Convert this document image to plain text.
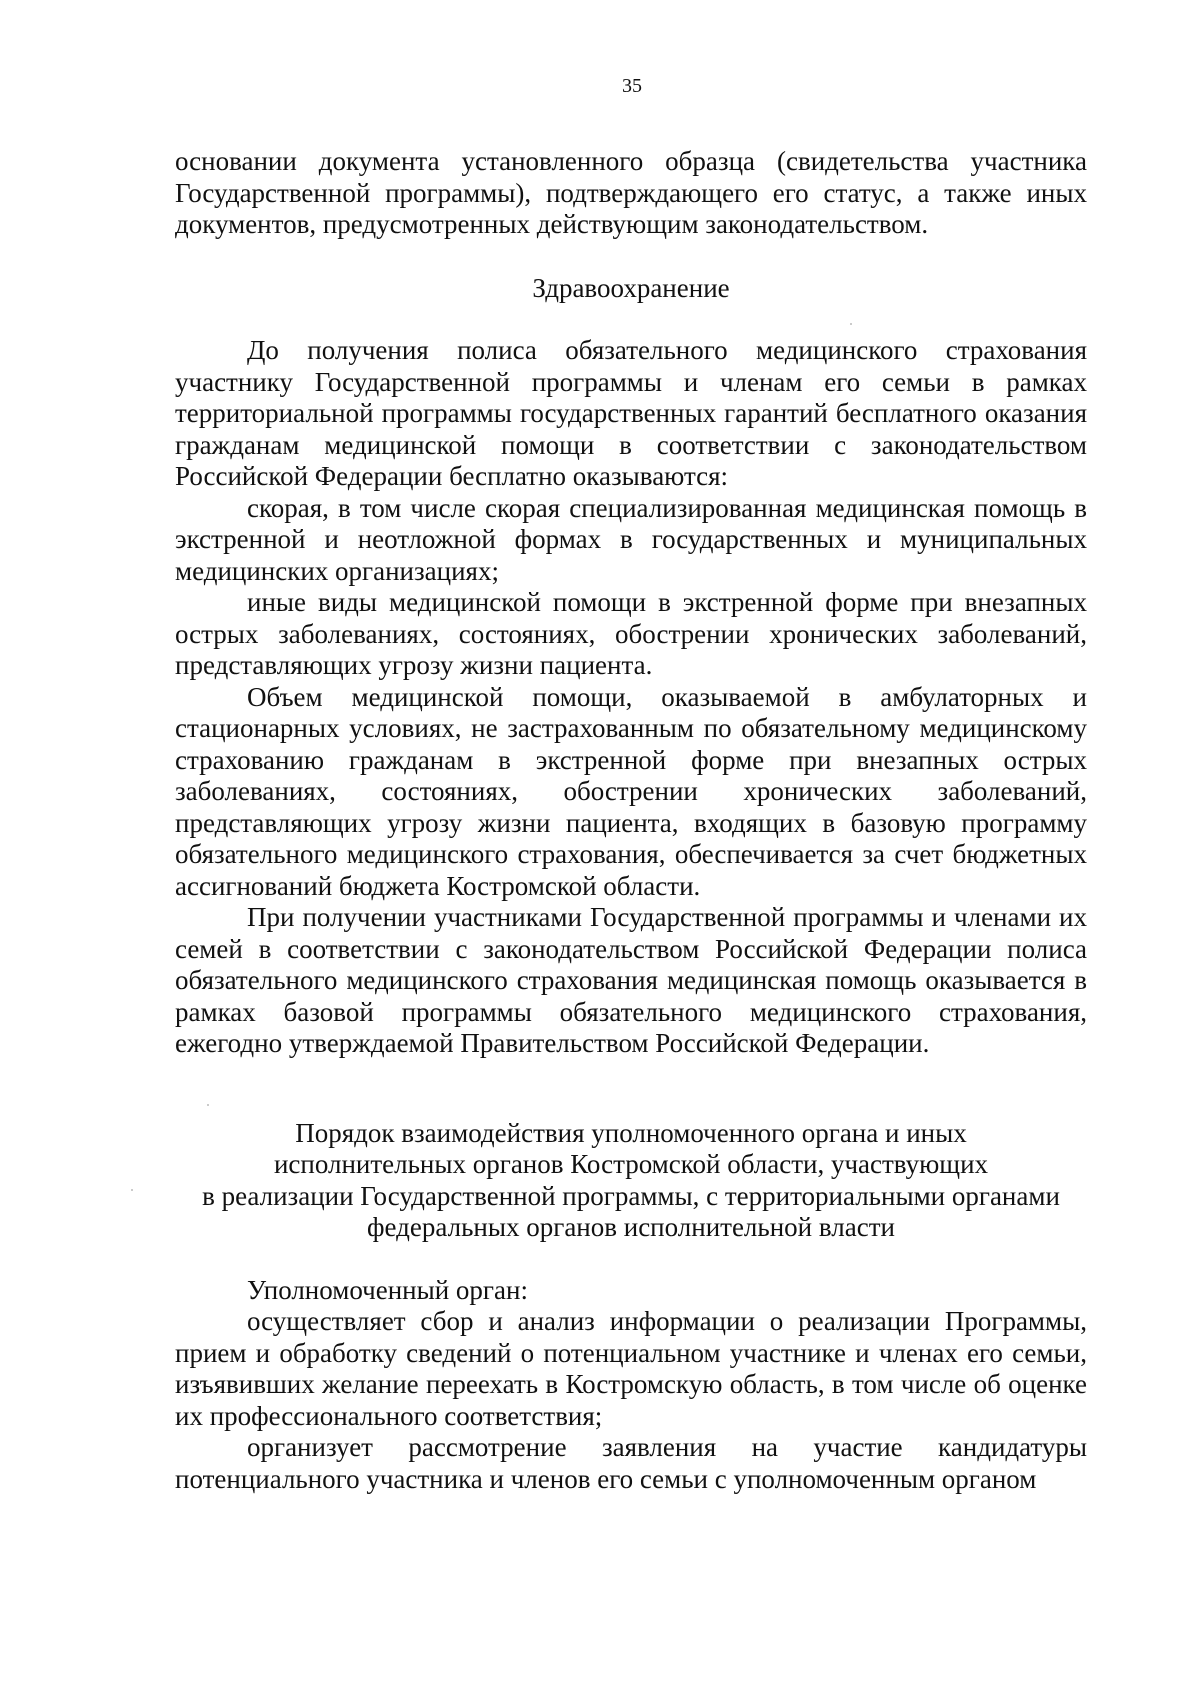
35

основании документа установленного образца (свидетельства участника Государственной программы), подтверждающего его статус, а также иных документов, предусмотренных действующим законодательством.

Здравоохранение

До получения полиса обязательного медицинского страхования участнику Государственной программы и членам его семьи в рамках территориальной программы государственных гарантий бесплатного оказания гражданам медицинской помощи в соответствии с законодательством Российской Федерации бесплатно оказываются:

скорая, в том числе скорая специализированная медицинская помощь в экстренной и неотложной формах в государственных и муниципальных медицинских организациях;

иные виды медицинской помощи в экстренной форме при внезапных острых заболеваниях, состояниях, обострении хронических заболеваний, представляющих угрозу жизни пациента.

Объем медицинской помощи, оказываемой в амбулаторных и стационарных условиях, не застрахованным по обязательному медицинскому страхованию гражданам в экстренной форме при внезапных острых заболеваниях, состояниях, обострении хронических заболеваний, представляющих угрозу жизни пациента, входящих в базовую программу обязательного медицинского страхования, обеспечивается за счет бюджетных ассигнований бюджета Костромской области.

При получении участниками Государственной программы и членами их семей в соответствии с законодательством Российской Федерации полиса обязательного медицинского страхования медицинская помощь оказывается в рамках базовой программы обязательного медицинского страхования, ежегодно утверждаемой Правительством Российской Федерации.

Порядок взаимодействия уполномоченного органа и иных
исполнительных органов Костромской области, участвующих
в реализации Государственной программы, с территориальными органами
федеральных органов исполнительной власти

Уполномоченный орган:

осуществляет сбор и анализ информации о реализации Программы, прием и обработку сведений о потенциальном участнике и членах его семьи, изъявивших желание переехать в Костромскую область, в том числе об оценке их профессионального соответствия;

организует рассмотрение заявления на участие кандидатуры потенциального участника и членов его семьи с уполномоченным органом
